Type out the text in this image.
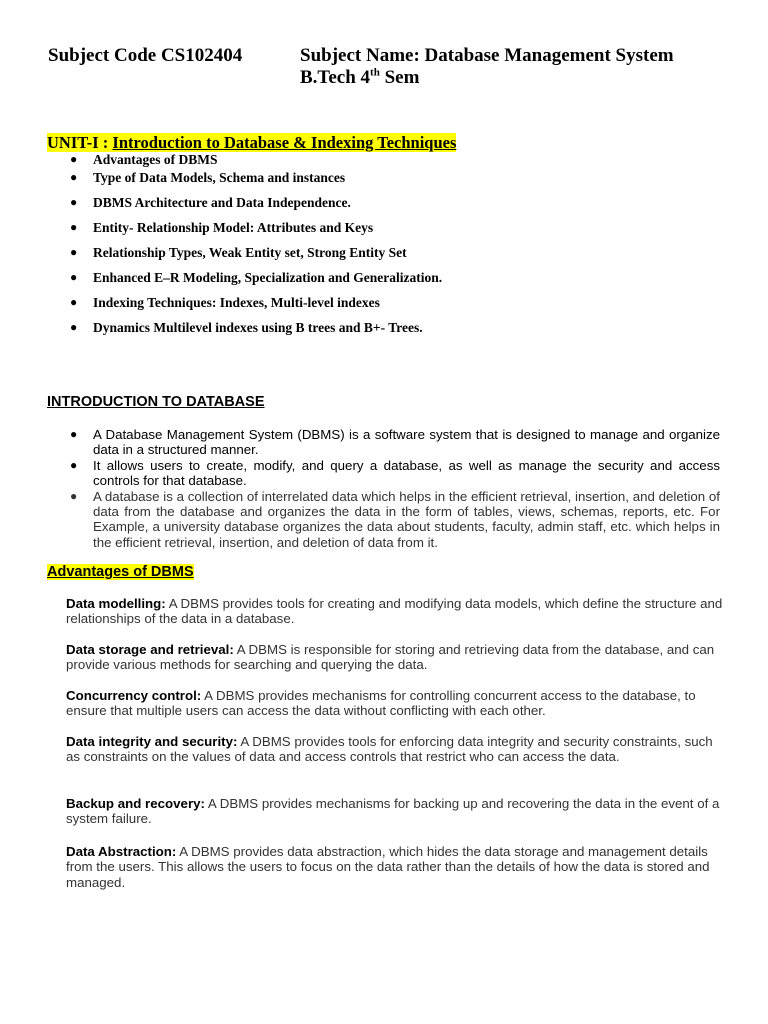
Subject Code CS102404	Subject Name: Database Management System
B.Tech 4th Sem
UNIT-I : Introduction to Database & Indexing Techniques
● Advantages of DBMS
● Type of Data Models, Schema and instances
● DBMS Architecture and Data Independence.
● Entity- Relationship Model: Attributes and Keys
● Relationship Types, Weak Entity set, Strong Entity Set
● Enhanced E–R Modeling, Specialization and Generalization.
● Indexing Techniques: Indexes, Multi-level indexes
● Dynamics Multilevel indexes using B trees and B+- Trees.
INTRODUCTION TO DATABASE
● A Database Management System (DBMS) is a software system that is designed to manage and organize data in a structured manner.
● It allows users to create, modify, and query a database, as well as manage the security and access controls for that database.
● A database is a collection of interrelated data which helps in the efficient retrieval, insertion, and deletion of data from the database and organizes the data in the form of tables, views, schemas, reports, etc. For Example, a university database organizes the data about students, faculty, admin staff, etc. which helps in the efficient retrieval, insertion, and deletion of data from it.
Advantages of DBMS
Data modelling: A DBMS provides tools for creating and modifying data models, which define the structure and relationships of the data in a database.
Data storage and retrieval: A DBMS is responsible for storing and retrieving data from the database, and can provide various methods for searching and querying the data.
Concurrency control: A DBMS provides mechanisms for controlling concurrent access to the database, to ensure that multiple users can access the data without conflicting with each other.
Data integrity and security: A DBMS provides tools for enforcing data integrity and security constraints, such as constraints on the values of data and access controls that restrict who can access the data.
Backup and recovery: A DBMS provides mechanisms for backing up and recovering the data in the event of a system failure.
Data Abstraction: A DBMS provides data abstraction, which hides the data storage and management details from the users. This allows the users to focus on the data rather than the details of how the data is stored and managed.
